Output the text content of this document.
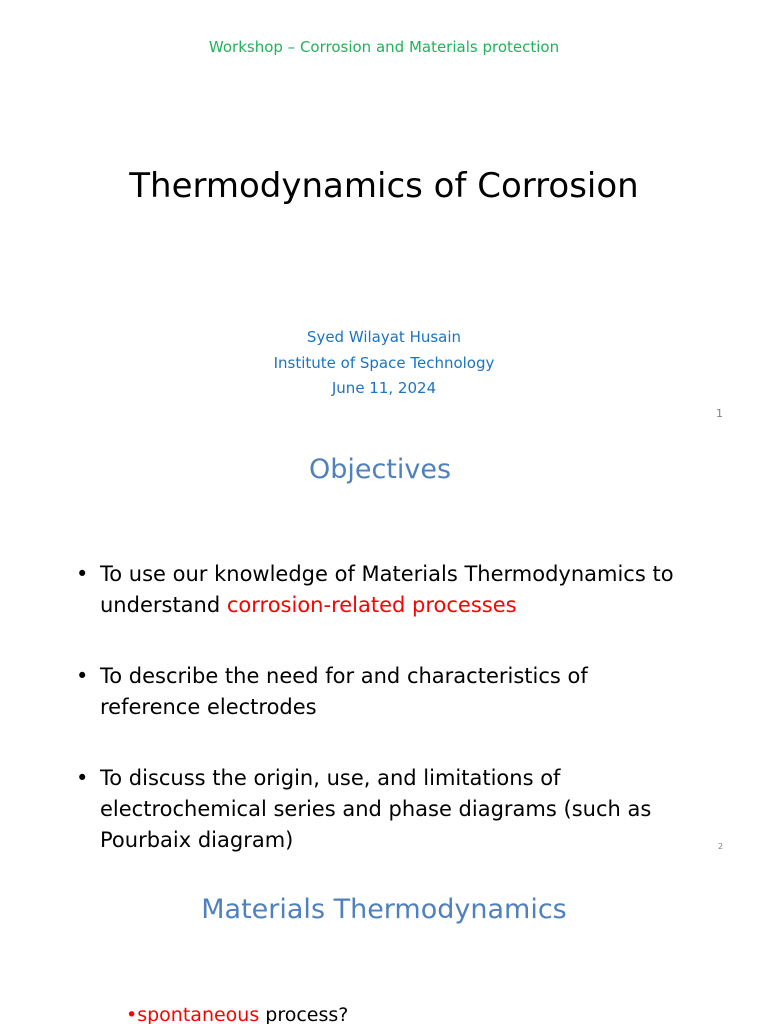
Workshop – Corrosion and Materials protection
Thermodynamics of Corrosion
Syed Wilayat Husain
Institute of Space Technology
June 11, 2024
1
Objectives
• To use our knowledge of Materials Thermodynamics to understand corrosion-related processes
• To describe the need for and characteristics of reference electrodes
• To discuss the origin, use, and limitations of electrochemical series and phase diagrams (such as Pourbaix diagram)	2
Materials Thermodynamics
•spontaneous process?
